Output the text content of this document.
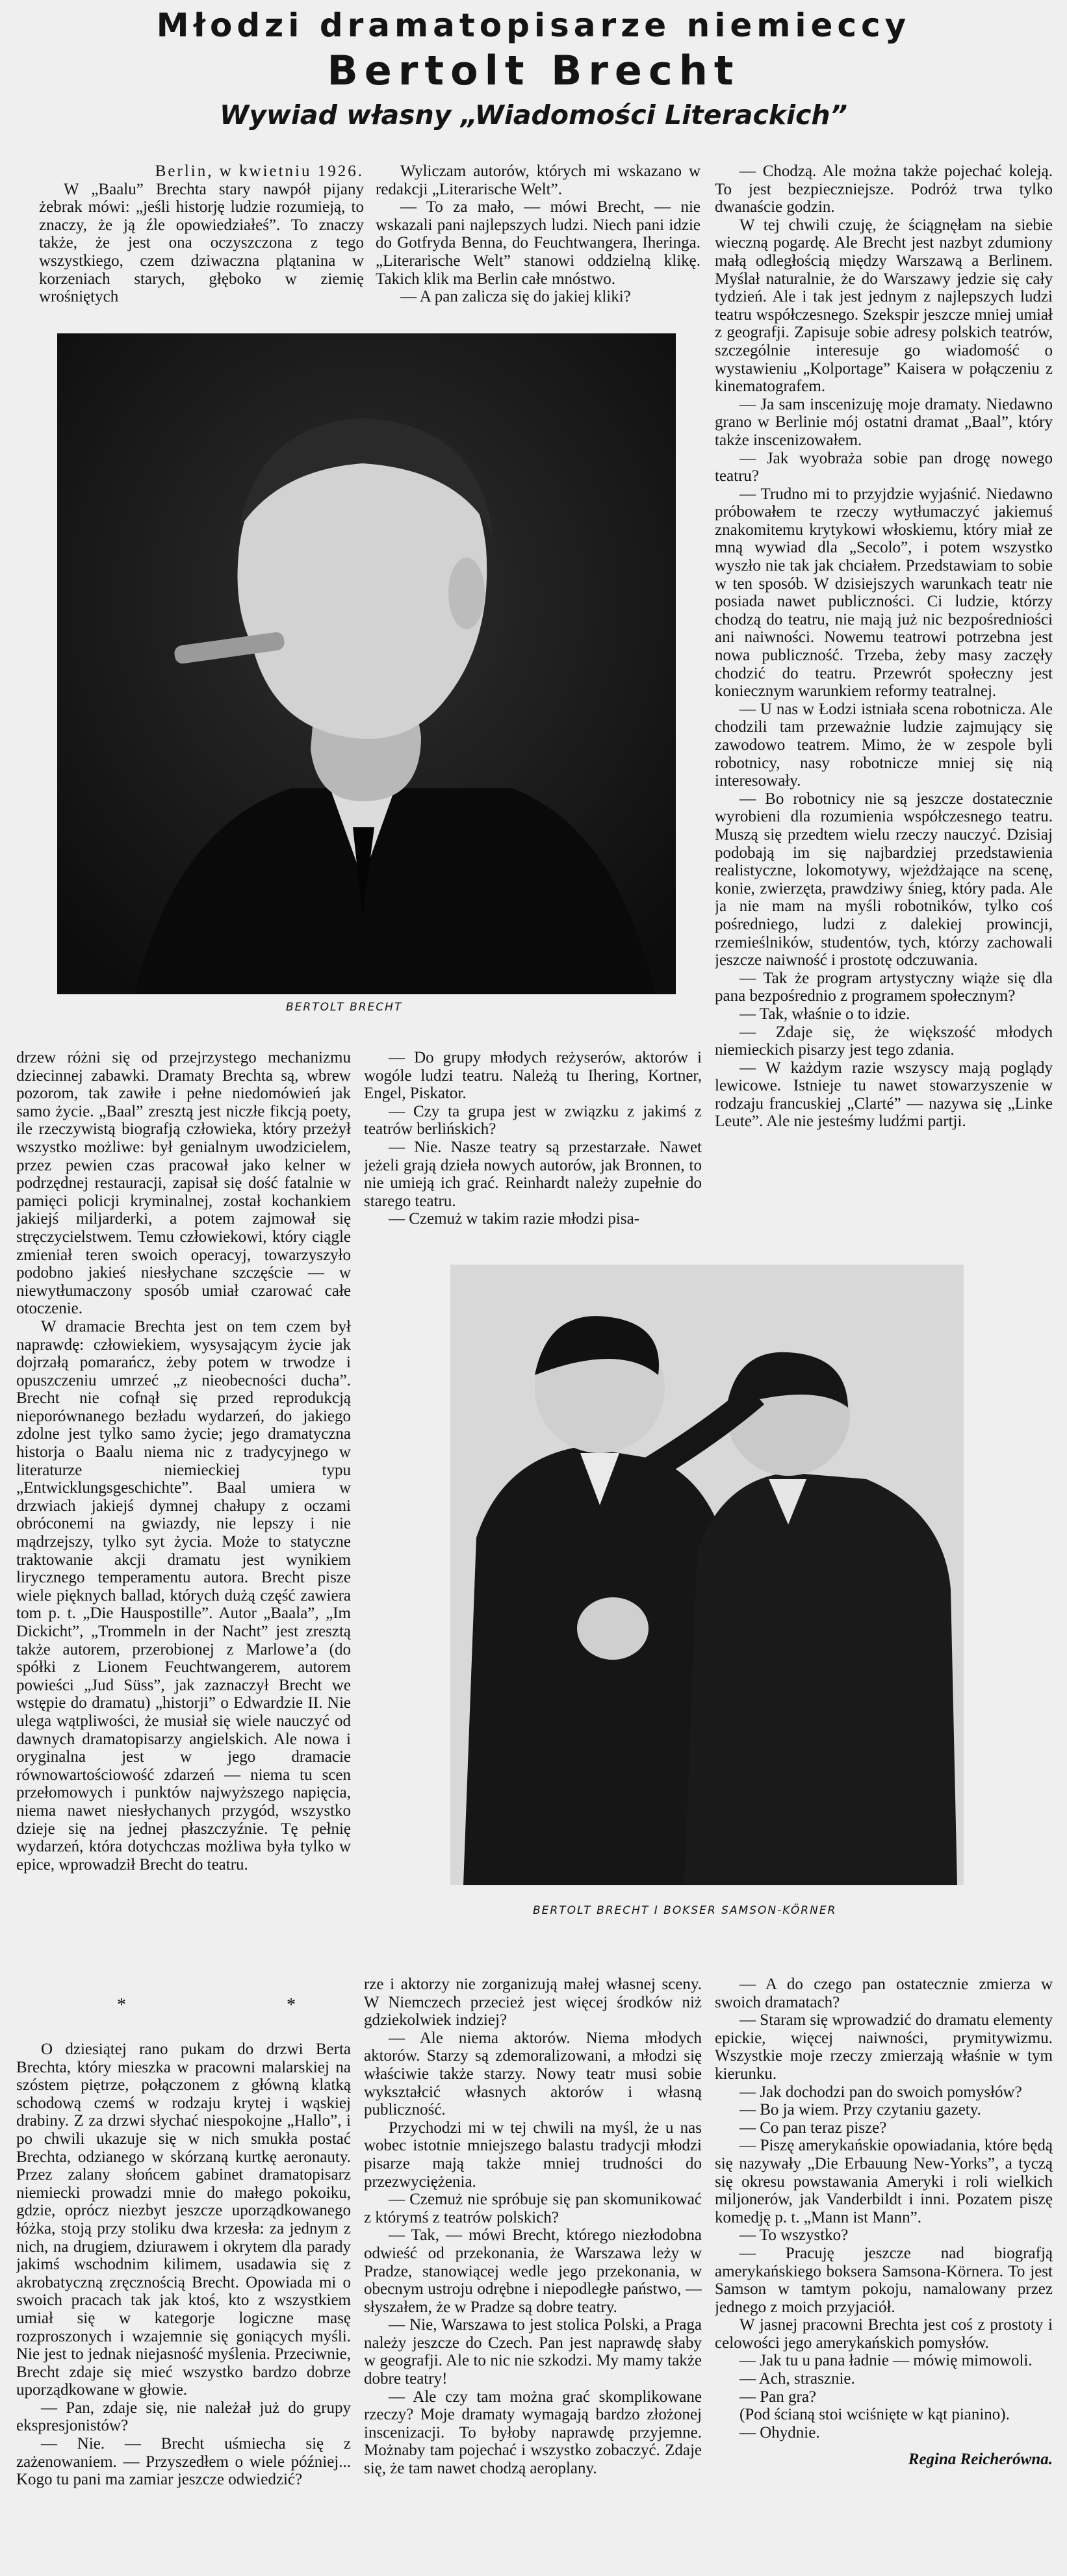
Młodzi dramatopisarze niemieccy
Bertolt Brecht
Wywiad własny „Wiadomości Literackich”

Berlin, w kwietniu 1926.

W „Baalu” Brechta stary nawpół pijany żebrak mówi: „jeśli historję ludzie rozumieją, to znaczy, że ją źle opowiedziałeś”. To znaczy także, że jest ona oczyszczona z tego wszystkiego, czem dziwaczna plątanina w korzeniach starych, głęboko w ziemię wrośniętych

Wyliczam autorów, których mi wskazano w redakcji „Literarische Welt”.

— To za mało, — mówi Brecht, — nie wskazali pani najlepszych ludzi. Niech pani idzie do Gotfryda Benna, do Feuchtwangera, Iheringa. „Literarische Welt” stanowi oddzielną klikę. Takich klik ma Berlin całe mnóstwo.

— A pan zalicza się do jakiej kliki?

— Chodzą. Ale można także pojechać koleją. To jest bezpieczniejsze. Podróż trwa tylko dwanaście godzin.

W tej chwili czuję, że ściągnęłam na siebie wieczną pogardę. Ale Brecht jest nazbyt zdumiony małą odległością między Warszawą a Berlinem. Myślał naturalnie, że do Warszawy jedzie się cały tydzień. Ale i tak jest jednym z najlepszych ludzi teatru współczesnego. Szekspir jeszcze mniej umiał z geografji. Zapisuje sobie adresy polskich teatrów, szczególnie interesuje go wiadomość o wystawieniu „Kolportage” Kaisera w połączeniu z kinematografem.

— Ja sam inscenizuję moje dramaty. Niedawno grano w Berlinie mój ostatni dramat „Baal”, który także inscenizowałem.

— Jak wyobraża sobie pan drogę nowego teatru?

— Trudno mi to przyjdzie wyjaśnić. Niedawno próbowałem te rzeczy wytłumaczyć jakiemuś znakomitemu krytykowi włoskiemu, który miał ze mną wywiad dla „Secolo”, i potem wszystko wyszło nie tak jak chciałem. Przedstawiam to sobie w ten sposób. W dzisiejszych warunkach teatr nie posiada nawet publiczności. Ci ludzie, którzy chodzą do teatru, nie mają już nic bezpośredniości ani naiwności. Nowemu teatrowi potrzebna jest nowa publiczność. Trzeba, żeby masy zaczęły chodzić do teatru. Przewrót społeczny jest koniecznym warunkiem reformy teatralnej.

— U nas w Łodzi istniała scena robotnicza. Ale chodzili tam przeważnie ludzie zajmujący się zawodowo teatrem. Mimo, że w zespole byli robotnicy, nasy robotnicze mniej się nią interesowały.

— Bo robotnicy nie są jeszcze dostatecznie wyrobieni dla rozumienia współczesnego teatru. Muszą się przedtem wielu rzeczy nauczyć. Dzisiaj podobają im się najbardziej przedstawienia realistyczne, lokomotywy, wjeżdżające na scenę, konie, zwierzęta, prawdziwy śnieg, który pada. Ale ja nie mam na myśli robotników, tylko coś pośredniego, ludzi z dalekiej prowincji, rzemieślników, studentów, tych, którzy zachowali jeszcze naiwność i prostotę odczuwania.

— Tak że program artystyczny wiąże się dla pana bezpośrednio z programem społecznym?

— Tak, właśnie o to idzie.

— Zdaje się, że większość młodych niemieckich pisarzy jest tego zdania.

— W każdym razie wszyscy mają poglądy lewicowe. Istnieje tu nawet stowarzyszenie w rodzaju francuskiej „Clarté” — nazywa się „Linke Leute”. Ale nie jesteśmy ludźmi partji.

BERTOLT BRECHT

drzew różni się od przejrzystego mechanizmu dziecinnej zabawki. Dramaty Brechta są, wbrew pozorom, tak zawiłe i pełne niedomówień jak samo życie. „Baal” zresztą jest niczłe fikcją poety, ile rzeczywistą biografją człowieka, który przeżył wszystko możliwe: był genialnym uwodzicielem, przez pewien czas pracował jako kelner w podrzędnej restauracji, zapisał się dość fatalnie w pamięci policji kryminalnej, został kochankiem jakiejś miljarderki, a potem zajmował się stręczycielstwem. Temu człowiekowi, który ciągle zmieniał teren swoich operacyj, towarzyszyło podobno jakieś niesłychane szczęście — w niewytłumaczony sposób umiał czarować całe otoczenie.

W dramacie Brechta jest on tem czem był naprawdę: człowiekiem, wysysającym życie jak dojrzałą pomarańcz, żeby potem w trwodze i opuszczeniu umrzeć „z nieobecności ducha”. Brecht nie cofnął się przed reprodukcją nieporównanego bezładu wydarzeń, do jakiego zdolne jest tylko samo życie; jego dramatyczna historja o Baalu niema nic z tradycyjnego w literaturze niemieckiej typu „Entwicklungsgeschichte”. Baal umiera w drzwiach jakiejś dymnej chałupy z oczami obróconemi na gwiazdy, nie lepszy i nie mądrzejszy, tylko syt życia. Może to statyczne traktowanie akcji dramatu jest wynikiem lirycznego temperamentu autora. Brecht pisze wiele pięknych ballad, których dużą część zawiera tom p. t. „Die Hauspostille”. Autor „Baala”, „Im Dickicht”, „Trommeln in der Nacht” jest zresztą także autorem, przerobionej z Marlowe’a (do spółki z Lionem Feuchtwangerem, autorem powieści „Jud Süss”, jak zaznaczył Brecht we wstępie do dramatu) „historji” o Edwardzie II. Nie ulega wątpliwości, że musiał się wiele nauczyć od dawnych dramatopisarzy angielskich. Ale nowa i oryginalna jest w jego dramacie równowartościowość zdarzeń — niema tu scen przełomowych i punktów najwyższego napięcia, niema nawet niesłychanych przygód, wszystko dzieje się na jednej płaszczyźnie. Tę pełnię wydarzeń, która dotychczas możliwa była tylko w epice, wprowadził Brecht do teatru.

— Do grupy młodych reżyserów, aktorów i wogóle ludzi teatru. Należą tu Ihering, Kortner, Engel, Piskator.

— Czy ta grupa jest w związku z jakimś z teatrów berlińskich?

— Nie. Nasze teatry są przestarzałe. Nawet jeżeli grają dzieła nowych autorów, jak Bronnen, to nie umieją ich grać. Reinhardt należy zupełnie do starego teatru.

— Czemuż w takim razie młodzi pisa-

BERTOLT BRECHT I BOKSER SAMSON-KÖRNER
* *

O dziesiątej rano pukam do drzwi Berta Brechta, który mieszka w pracowni malarskiej na szóstem piętrze, połączonem z główną klatką schodową czemś w rodzaju krytej i wąskiej drabiny. Z za drzwi słychać niespokojne „Hallo”, i po chwili ukazuje się w nich smukła postać Brechta, odzianego w skórzaną kurtkę aeronauty. Przez zalany słońcem gabinet dramatopisarz niemiecki prowadzi mnie do małego pokoiku, gdzie, oprócz niezbyt jeszcze uporządkowanego łóżka, stoją przy stoliku dwa krzesła: za jednym z nich, na drugiem, dziurawem i okrytem dla parady jakimś wschodnim kilimem, usadawia się z akrobatyczną zręcznością Brecht. Opowiada mi o swoich pracach tak jak ktoś, kto z wszystkiem umiał się w kategorje logiczne masę rozproszonych i wzajemnie się goniących myśli. Nie jest to jednak niejasność myślenia. Przeciwnie, Brecht zdaje się mieć wszystko bardzo dobrze uporządkowane w głowie.

— Pan, zdaje się, nie należał już do grupy ekspresjonistów?

— Nie. — Brecht uśmiecha się z zażenowaniem. — Przyszedłem o wiele później... Kogo tu pani ma zamiar jeszcze odwiedzić?

rze i aktorzy nie zorganizują małej własnej sceny. W Niemczech przecież jest więcej środków niż gdziekolwiek indziej?

— Ale niema aktorów. Niema młodych aktorów. Starzy są zdemoralizowani, a młodzi się właściwie także starzy. Nowy teatr musi sobie wykształcić własnych aktorów i własną publiczność.

Przychodzi mi w tej chwili na myśl, że u nas wobec istotnie mniejszego balastu tradycji młodzi pisarze mają także mniej trudności do przezwyciężenia.

— Czemuż nie spróbuje się pan skomunikować z którymś z teatrów polskich?

— Tak, — mówi Brecht, którego niezłodobna odwieść od przekonania, że Warszawa leży w Pradze, stanowiącej wedle jego przekonania, w obecnym ustroju odrębne i niepodległe państwo, — słyszałem, że w Pradze są dobre teatry.

— Nie, Warszawa to jest stolica Polski, a Praga należy jeszcze do Czech. Pan jest naprawdę słaby w geografji. Ale to nic nie szkodzi. My mamy także dobre teatry!

— Ale czy tam można grać skomplikowane rzeczy? Moje dramaty wymagają bardzo złożonej inscenizacji. To byłoby naprawdę przyjemne. Możnaby tam pojechać i wszystko zobaczyć. Zdaje się, że tam nawet chodzą aeroplany.

— A do czego pan ostatecznie zmierza w swoich dramatach?

— Staram się wprowadzić do dramatu elementy epickie, więcej naiwności, prymitywizmu. Wszystkie moje rzeczy zmierzają właśnie w tym kierunku.

— Jak dochodzi pan do swoich pomysłów?

— Bo ja wiem. Przy czytaniu gazety.

— Co pan teraz pisze?

— Piszę amerykańskie opowiadania, które będą się nazywały „Die Erbauung New-Yorks”, a tyczą się okresu powstawania Ameryki i roli wielkich miljonerów, jak Vanderbildt i inni. Pozatem piszę komedję p. t. „Mann ist Mann”.

— To wszystko?

— Pracuję jeszcze nad biografją amerykańskiego boksera Samsona-Körnera. To jest Samson w tamtym pokoju, namalowany przez jednego z moich przyjaciół.

W jasnej pracowni Brechta jest coś z prostoty i celowości jego amerykańskich pomysłów.

— Jak tu u pana ładnie — mówię mimowoli.

— Ach, strasznie.

— Pan gra?

(Pod ścianą stoi wciśnięte w kąt pianino).

— Ohydnie.

Regina Reicherówna.
